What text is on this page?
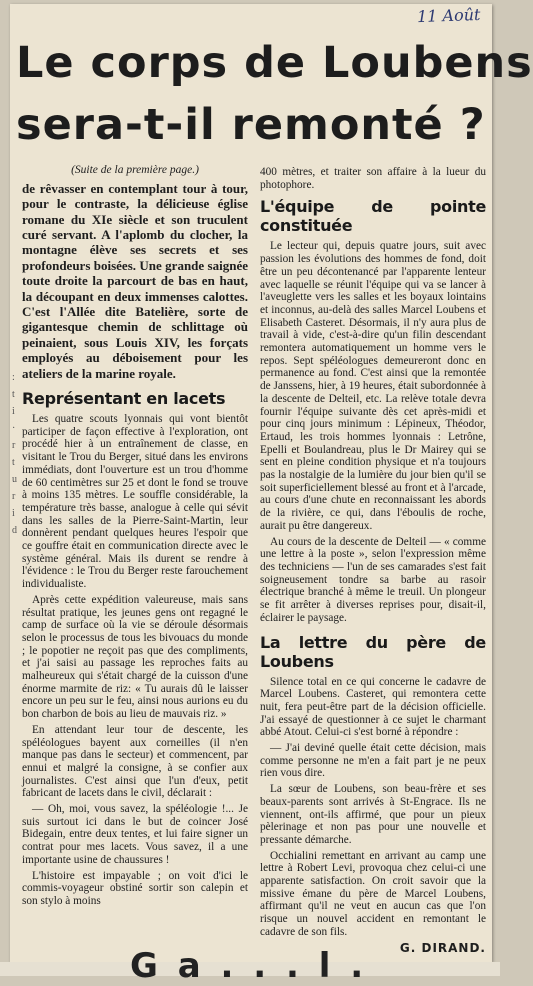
11 Août
Le corps de Loubens
sera-t-il remonté ?
: t i · r t u r i d
(Suite de la première page.)

de rêvasser en contemplant tour à tour, pour le contraste, la délicieuse église romane du XIe siècle et son truculent curé servant. A l'aplomb du clocher, la montagne élève ses secrets et ses profondeurs boisées. Une grande saignée toute droite la parcourt de bas en haut, la découpant en deux immenses calottes. C'est l'Allée dite Batelière, sorte de gigantesque chemin de schlittage où peinaient, sous Louis XIV, les forçats employés au déboisement pour les ateliers de la marine royale.

Représentant en lacets

Les quatre scouts lyonnais qui vont bientôt participer de façon effective à l'exploration, ont procédé hier à un entraînement de classe, en visitant le Trou du Berger, situé dans les environs immédiats, dont l'ouverture est un trou d'homme de 60 centimètres sur 25 et dont le fond se trouve à moins 135 mètres. Le souffle considérable, la température très basse, analogue à celle qui sévit dans les salles de la Pierre-Saint-Martin, leur donnèrent pendant quelques heures l'espoir que ce gouffre était en communication directe avec le système général. Mais ils durent se rendre à l'évidence : le Trou du Berger reste farouchement individualiste.

Après cette expédition valeureuse, mais sans résultat pratique, les jeunes gens ont regagné le camp de surface où la vie se déroule désormais selon le processus de tous les bivouacs du monde ; le popotier ne reçoit pas que des compliments, et j'ai saisi au passage les reproches faits au malheureux qui s'était chargé de la cuisson d'une énorme marmite de riz: « Tu aurais dû le laisser encore un peu sur le feu, ainsi nous aurions eu du bon charbon de bois au lieu de mauvais riz. »

En attendant leur tour de descente, les spéléologues bayent aux corneilles (il n'en manque pas dans le secteur) et commencent, par ennui et malgré la consigne, à se confier aux journalistes. C'est ainsi que l'un d'eux, petit fabricant de lacets dans le civil, déclarait :

— Oh, moi, vous savez, la spéléologie !... Je suis surtout ici dans le but de coincer José Bidegain, entre deux tentes, et lui faire signer un contrat pour mes lacets. Vous savez, il a une importante usine de chaussures !

L'histoire est impayable ; on voit d'ici le commis-voyageur obstiné sortir son calepin et son stylo à moins

400 mètres, et traiter son affaire à la lueur du photophore.

L'équipe de pointe constituée

Le lecteur qui, depuis quatre jours, suit avec passion les évolutions des hommes de fond, doit être un peu décontenancé par l'apparente lenteur avec laquelle se réunit l'équipe qui va se lancer à l'aveuglette vers les salles et les boyaux lointains et inconnus, au-delà des salles Marcel Loubens et Elisabeth Casteret. Désormais, il n'y aura plus de travail à vide, c'est-à-dire qu'un filin descendant remontera automatiquement un homme vers le repos. Sept spéléologues demeureront donc en permanence au fond. C'est ainsi que la remontée de Janssens, hier, à 19 heures, était subordonnée à la descente de Delteil, etc. La relève totale devra fournir l'équipe suivante dès cet après-midi et pour cinq jours minimum : Lépineux, Théodor, Ertaud, les trois hommes lyonnais : Letrône, Epelli et Boulandreau, plus le Dr Mairey qui se sent en pleine condition physique et n'a toujours pas la nostalgie de la lumière du jour bien qu'il se soit superficiellement blessé au front et à l'arcade, au cours d'une chute en reconnaissant les abords de la rivière, ce qui, dans l'éboulis de roche, aurait pu être dangereux.

Au cours de la descente de Delteil — « comme une lettre à la poste », selon l'expression même des techniciens — l'un de ses camarades s'est fait soigneusement tondre sa barbe au rasoir électrique branché à même le treuil. Un plongeur se fit arrêter à diverses reprises pour, disait-il, éclairer le paysage.

La lettre du père de Loubens

Silence total en ce qui concerne le cadavre de Marcel Loubens. Casteret, qui remontera cette nuit, fera peut-être part de la décision officielle. J'ai essayé de questionner à ce sujet le charmant abbé Atout. Celui-ci s'est borné à répondre :

— J'ai deviné quelle était cette décision, mais comme personne ne m'en a fait part je ne peux rien vous dire.

La sœur de Loubens, son beau-frère et ses beaux-parents sont arrivés à St-Engrace. Ils ne viennent, ont-ils affirmé, que pour un pieux pèlerinage et non pas pour une nouvelle et pressante démarche.

Occhialini remettant en arrivant au camp une lettre à Robert Levi, provoqua chez celui-ci une apparente satisfaction. On croit savoir que la missive émane du père de Marcel Loubens, affirmant qu'il ne veut en aucun cas que l'on risque un nouvel accident en remontant le cadavre de son fils.

G. DIRAND.
G a . . . l .
